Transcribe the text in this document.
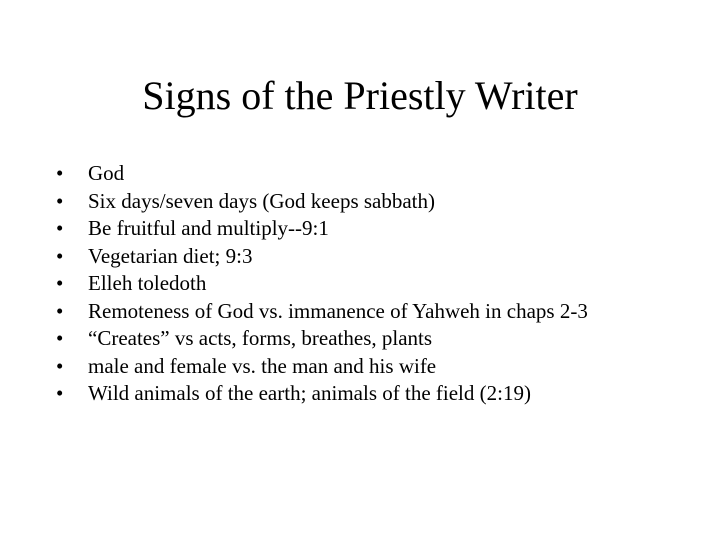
Signs of the Priestly Writer
•	God
•	Six days/seven days (God keeps sabbath)
•	Be fruitful and multiply--9:1
•	Vegetarian diet; 9:3
•	Elleh toledoth
•	Remoteness of God vs. immanence of Yahweh in chaps 2-3
•	“Creates” vs acts, forms, breathes, plants
•	male and female vs. the man and his wife
•	Wild animals of the earth; animals of the field (2:19)
